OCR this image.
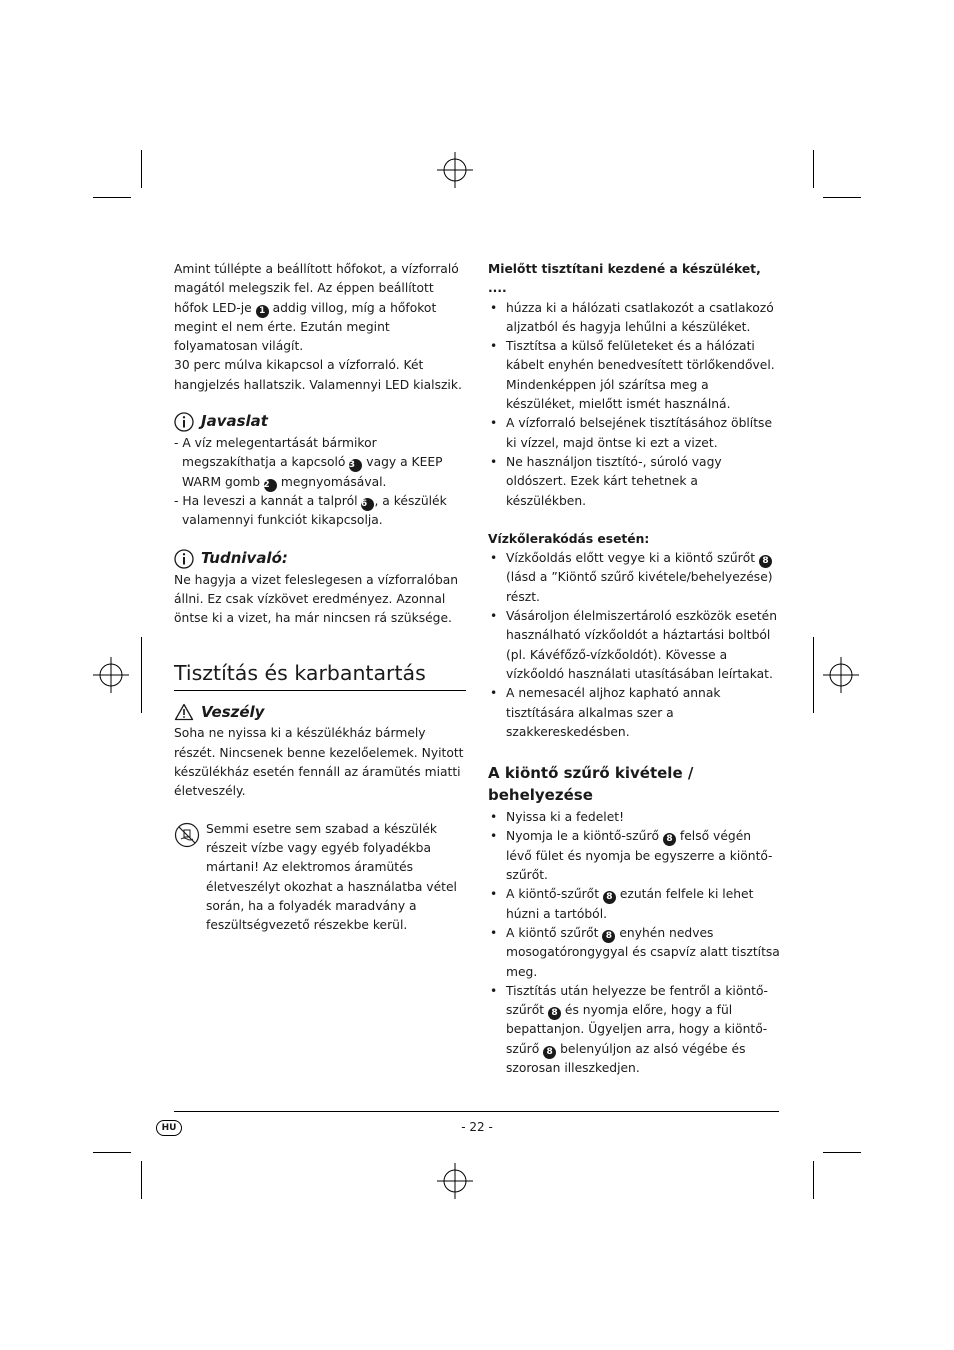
Amint túllépte a beállított hőfokot, a vízforraló magától melegszik fel. Az éppen beállított hőfok LED-je 1 addig villog, míg a hőfokot megint el nem érte. Ezután megint folyamatosan világít.
30 perc múlva kikapcsol a vízforraló. Két hangjelzés hallatszik. Valamennyi LED kialszik.

Javaslat

- A víz melegentartását bármikor megszakíthatja a kapcsoló 3 vagy a KEEP WARM gomb 2 megnyomásával.

- Ha leveszi a kannát a talpról 6 , a készülék valamennyi funkciót kikapcsolja.

Tudnivaló:

Ne hagyja a vizet feleslegesen a vízforralóban állni. Ez csak vízkövet eredményez. Azonnal öntse ki a vizet, ha már nincsen rá szüksége.

Tisztítás és karbantartás
Veszély

Soha ne nyissa ki a készülékház bármely részét. Nincsenek benne kezelőelemek. Nyitott készülékház esetén fennáll az áramütés miatti életveszély.

Semmi esetre sem szabad a készülék részeit vízbe vagy egyéb folyadékba mártani! Az elektromos áramütés életveszélyt okozhat a használatba vétel során, ha a folyadék maradvány a feszültségvezető részekbe kerül.

Mielőtt tisztítani kezdené a készüléket, ....

• húzza ki a hálózati csatlakozót a csatlakozó aljzatból és hagyja lehűlni a készüléket.
• Tisztítsa a külső felületeket és a hálózati kábelt enyhén benedvesített törlőkendővel. Mindenképpen jól szárítsa meg a készüléket, mielőtt ismét használná.
• A vízforraló belsejének tisztításához öblítse ki vízzel, majd öntse ki ezt a vizet.
• Ne használjon tisztító-, súroló vagy oldószert. Ezek kárt tehetnek a készülékben.

Vízkőlerakódás esetén:

• Vízkőoldás előtt vegye ki a kiöntő szűrőt 8 (lásd a ”Kiöntő szűrő kivétele/behelyezése) részt.
• Vásároljon élelmiszertároló eszközök esetén használható vízkőoldót a háztartási boltból (pl. Kávéfőző-vízkőoldót). Kövesse a vízkőoldó használati utasításában leírtakat.
• A nemesacél aljhoz kapható annak tisztítására alkalmas szer a szakkereskedésben.
A kiöntő szűrő kivétele / behelyezése
• Nyissa ki a fedelet!
• Nyomja le a kiöntő-szűrő 8 felső végén lévő fület és nyomja be egyszerre a kiöntő-szűrőt.
• A kiöntő-szűrőt 8 ezután felfele ki lehet húzni a tartóból.
• A kiöntő szűrőt 8 enyhén nedves mosogatórongygyal és csapvíz alatt tisztítsa meg.
• Tisztítás után helyezze be fentről a kiöntő-szűrőt 8 és nyomja előre, hogy a fül bepattanjon. Ügyeljen arra, hogy a kiöntő-szűrő 8 belenyúljon az alsó végébe és szorosan illeszkedjen.
HU	- 22 -
